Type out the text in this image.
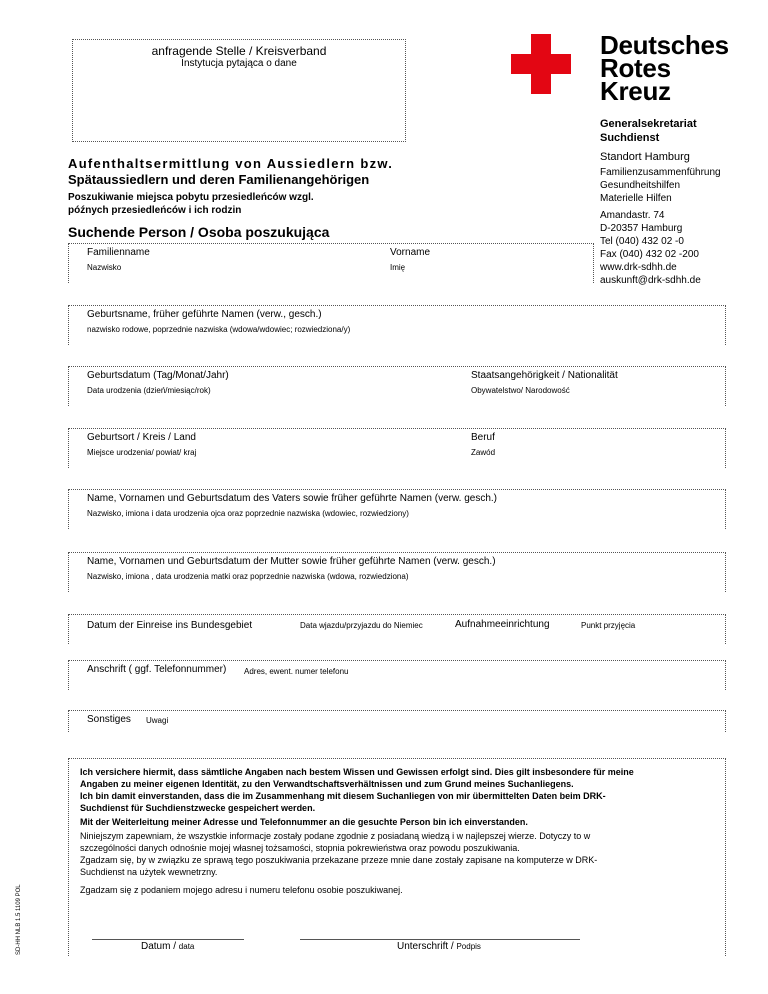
anfragende Stelle / Kreisverband
Instytucja pytająca o dane
Deutsches
Rotes
Kreuz
Generalsekretariat
Suchdienst
Standort Hamburg
Familienzusammenführung
Gesundheitshilfen
Materielle Hilfen
Amandastr. 74
D-20357 Hamburg
Tel (040) 432 02 -0
Fax (040) 432 02 -200
www.drk-sdhh.de
auskunft@drk-sdhh.de
Aufenthaltsermittlung von Aussiedlern bzw.
Spätaussiedlern und deren Familienangehörigen
Poszukiwanie miejsca pobytu przesiedleńców wzgl.
późnych przesiedleńców i ich rodzin
Suchende Person / Osoba poszukująca
Familienname
Nazwisko
Vorname
Imię
Geburtsname, früher geführte Namen (verw., gesch.)
nazwisko rodowe, poprzednie nazwiska (wdowa/wdowiec; rozwiedziona/y)
Geburtsdatum (Tag/Monat/Jahr)
Data urodzenia (dzień/miesiąc/rok)
Staatsangehörigkeit / Nationalität
Obywatelstwo/ Narodowość
Geburtsort / Kreis / Land
Miejsce urodzenia/ powiat/ kraj
Beruf
Zawód
Name, Vornamen und Geburtsdatum des Vaters sowie früher geführte Namen (verw. gesch.)
Nazwisko, imiona i data urodzenia ojca oraz poprzednie nazwiska (wdowiec, rozwiedziony)
Name, Vornamen und Geburtsdatum der Mutter sowie früher geführte Namen (verw. gesch.)
Nazwisko, imiona , data urodzenia matki oraz poprzednie nazwiska (wdowa, rozwiedziona)
Datum der Einreise ins Bundesgebiet	Data wjazdu/przyjazdu do Niemiec	Aufnahmeeinrichtung	Punkt przyjęcia
Anschrift ( ggf. Telefonnummer) Adres, ewent. numer telefonu
Sonstiges Uwagi
Ich versichere hiermit, dass sämtliche Angaben nach bestem Wissen und Gewissen erfolgt sind. Dies gilt insbesondere für meine
Angaben zu meiner eigenen Identität, zu den Verwandtschaftsverhältnissen und zum Grund meines Suchanliegens.
Ich bin damit einverstanden, dass die im Zusammenhang mit diesem Suchanliegen von mir übermittelten Daten beim DRK-
Suchdienst für Suchdienstzwecke gespeichert werden.
Mit der Weiterleitung meiner Adresse und Telefonnummer an die gesuchte Person bin ich einverstanden.
Niniejszym zapewniam, że wszystkie informacje zostały podane zgodnie z posiadaną wiedzą i w najlepszej wierze. Dotyczy to w
szczególności danych odnośnie mojej własnej tożsamości, stopnia pokrewieństwa oraz powodu poszukiwania.
Zgadzam się, by w związku ze sprawą tego poszukiwania przekazane przeze mnie dane zostały zapisane na komputerze w DRK-
Suchdienst na użytek wewnetrzny.
Zgadzam się z podaniem mojego adresu i numeru telefonu osobie poszukiwanej.
Datum / data	Unterschrift / Podpis
SD-HH NLB 1.5 1109 POL
